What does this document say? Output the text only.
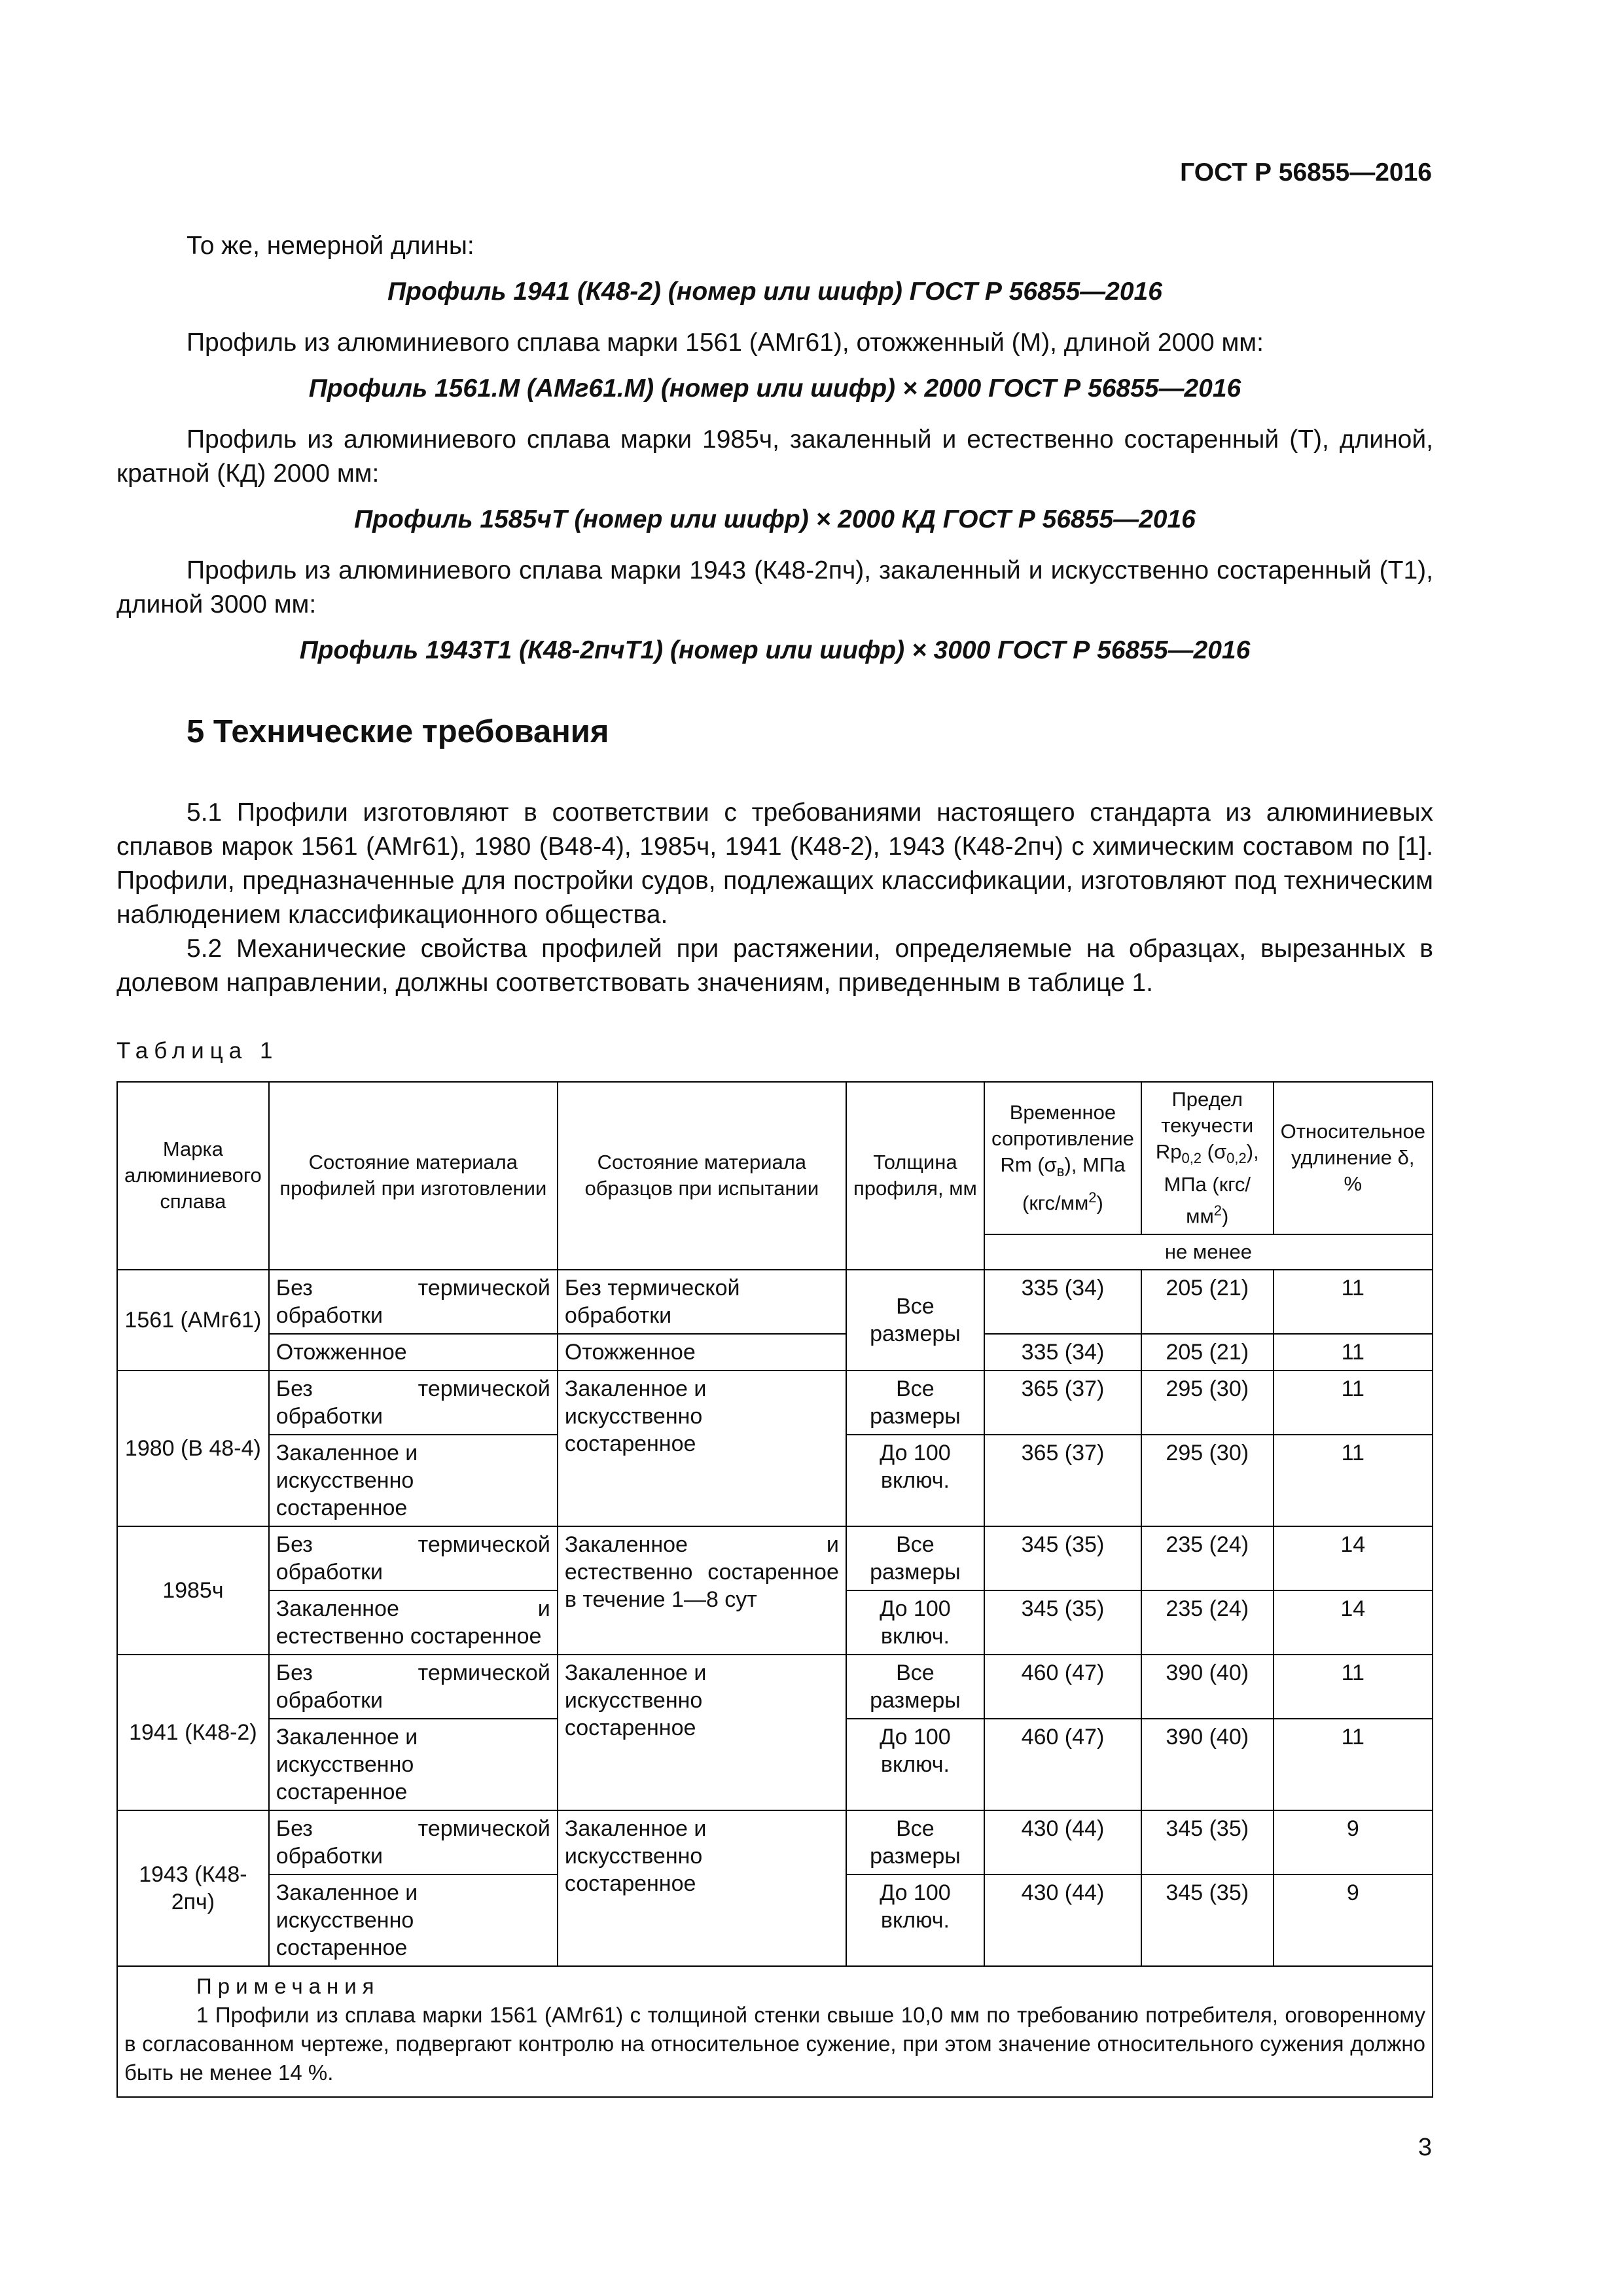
ГОСТ Р 56855—2016

То же, немерной длины:

Профиль 1941 (К48-2) (номер или шифр) ГОСТ Р 56855—2016

Профиль из алюминиевого сплава марки 1561 (АМг61), отожженный (М), длиной 2000 мм:

Профиль 1561.М (АМг61.М) (номер или шифр) × 2000 ГОСТ Р 56855—2016

Профиль из алюминиевого сплава марки 1985ч, закаленный и естественно состаренный (Т), длиной, кратной (КД) 2000 мм:

Профиль 1585чТ (номер или шифр) × 2000 КД ГОСТ Р 56855—2016

Профиль из алюминиевого сплава марки 1943 (К48-2пч), закаленный и искусственно состаренный (Т1), длиной 3000 мм:

Профиль 1943Т1 (К48-2пчТ1) (номер или шифр) × 3000 ГОСТ Р 56855—2016

5 Технические требования

5.1 Профили изготовляют в соответствии с требованиями настоящего стандарта из алюминиевых сплавов марок 1561 (АМг61), 1980 (В48-4), 1985ч, 1941 (К48-2), 1943 (К48-2пч) с химическим составом по [1]. Профили, предназначенные для постройки судов, подлежащих классификации, изготовляют под техническим наблюдением классификационного общества.

5.2 Механические свойства профилей при растяжении, определяемые на образцах, вырезанных в долевом направлении, должны соответствовать значениям, приведенным в таблице 1.

Таблица 1
Марка алюминиевого сплава	Состояние материала профилей при изготовлении	Состояние материала образцов при испытании	Толщина профиля, мм	Временное сопротивление Rm $(\sigma_в)$, МПа $(кгс/мм^2)$	Предел текучести $Rp_{0,2}$ $(\sigma_{0,2})$, МПа $(кгс/мм^2)$	Относительное удлинение δ, %
				не менее		
1561 (АМг61)	Без термической обработки	Без термической обработки	Все размеры	335 (34)	205 (21)	11
	Отожженное	Отожженное		335 (34)	205 (21)	11
1980 (В 48-4)	Без термической обработки	Закаленное и искусственно состаренное	Все размеры	365 (37)	295 (30)	11
	Закаленное и искусственно состаренное		До 100 включ.	365 (37)	295 (30)	11
1985ч	Без термической обработки	Закаленное и естественно состаренное в течение 1—8 сут	Все размеры	345 (35)	235 (24)	14
	Закаленное и естественно состаренное		До 100 включ.	345 (35)	235 (24)	14
1941 (К48-2)	Без термической обработки	Закаленное и искусственно состаренное	Все размеры	460 (47)	390 (40)	11
	Закаленное и искусственно состаренное		До 100 включ.	460 (47)	390 (40)	11
1943 (К48-2пч)	Без термической обработки	Закаленное и искусственно состаренное	Все размеры	430 (44)	345 (35)	9
	Закаленное и искусственно состаренное		До 100 включ.	430 (44)	345 (35)	9

Примечания
1 Профили из сплава марки 1561 (АМг61) с толщиной стенки свыше 10,0 мм по требованию потребителя, оговоренному в согласованном чертеже, подвергают контролю на относительное сужение, при этом значение относительного сужения должно быть не менее 14 %.						
3
